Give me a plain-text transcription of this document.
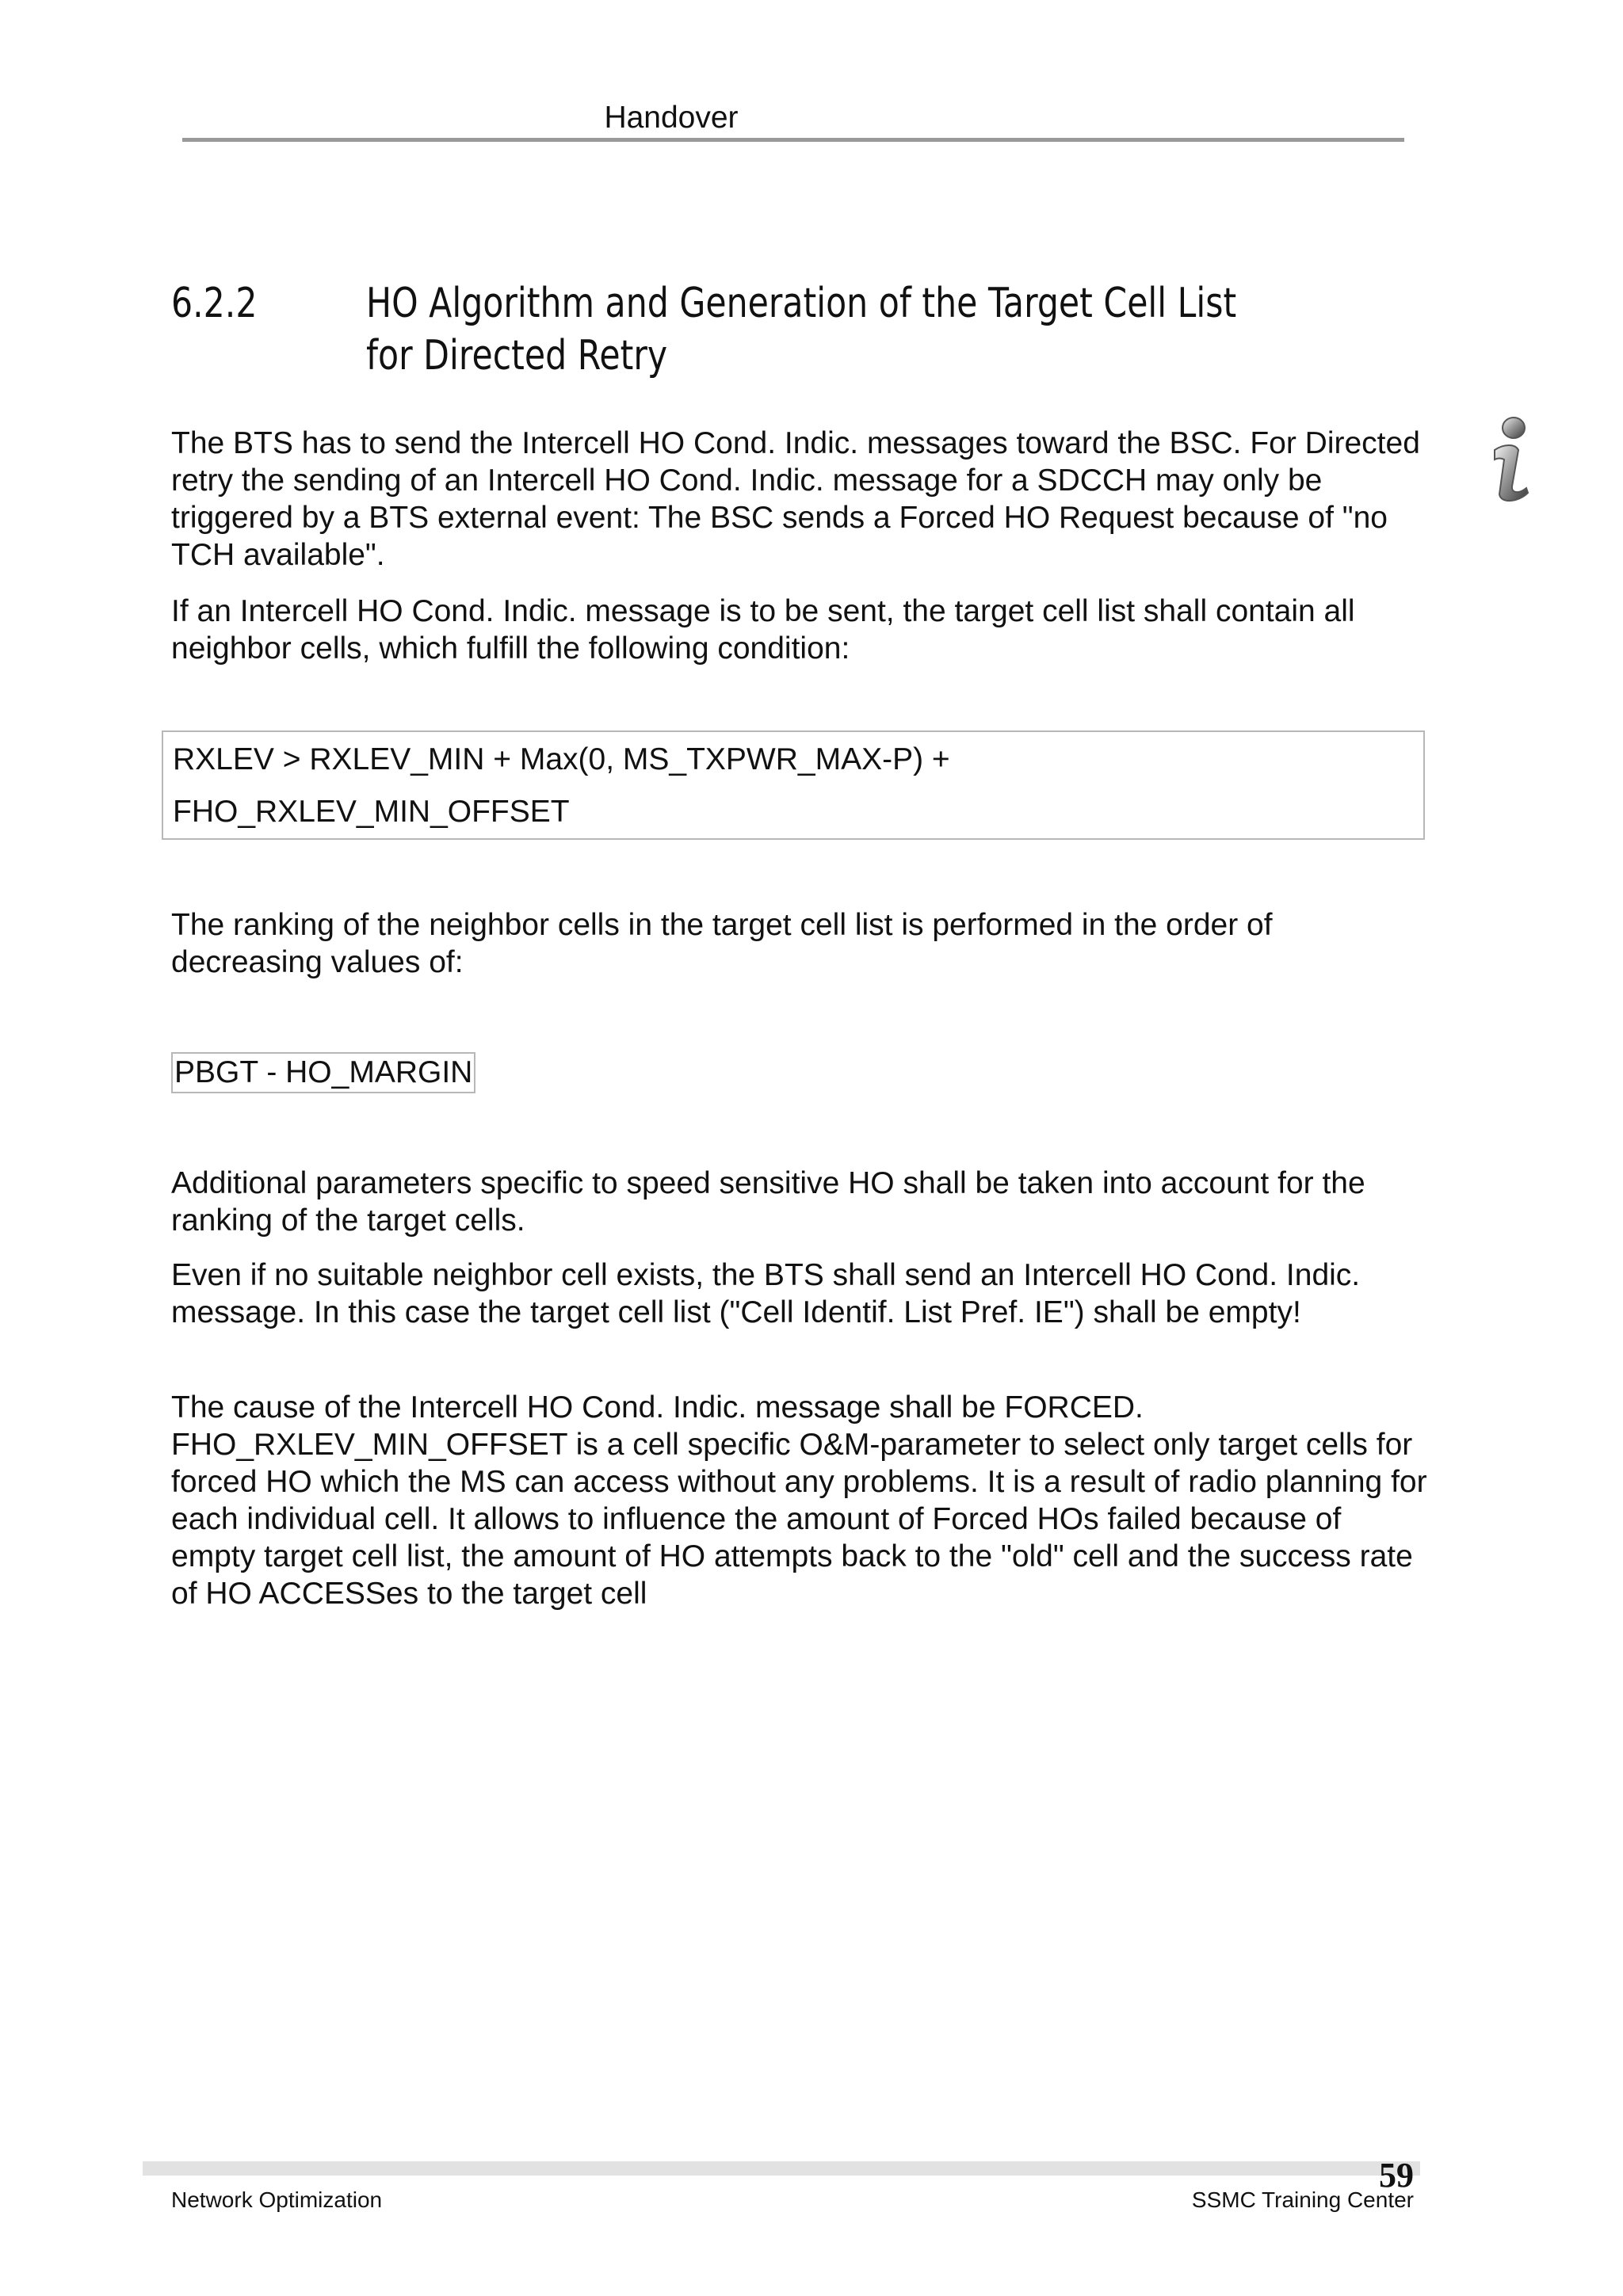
Handover
6.2.2	HO Algorithm and Generation of the Target Cell List for Directed Retry

The BTS has to send the Intercell HO Cond. Indic. messages toward the BSC. For Directed retry the sending of an Intercell HO Cond. Indic. message for a SDCCH may only be triggered by a BTS external event: The BSC sends a Forced HO Request because of "no TCH available".

If an Intercell HO Cond. Indic. message is to be sent, the target cell list shall contain all neighbor cells, which fulfill the following condition:

RXLEV > RXLEV_MIN + Max(0, MS_TXPWR_MAX-P) +
FHO_RXLEV_MIN_OFFSET

The ranking of the neighbor cells in the target cell list is performed in the order of decreasing values of:

PBGT - HO_MARGIN

Additional parameters specific to speed sensitive HO shall be taken into account for the ranking of the target cells.

Even if no suitable neighbor cell exists, the BTS shall send an Intercell HO Cond. Indic. message. In this case the target cell list ("Cell Identif. List Pref. IE") shall be empty!

The cause of the Intercell HO Cond. Indic. message shall be FORCED. FHO_RXLEV_MIN_OFFSET is a cell specific O&M-parameter to select only target cells for forced HO which the MS can access without any problems. It is a result of radio planning for each individual cell. It allows to influence the amount of Forced HOs failed because of empty target cell list, the amount of HO attempts back to the "old" cell and the success rate of HO ACCESSes to the target cell

59
Network Optimization	SSMC Training Center
